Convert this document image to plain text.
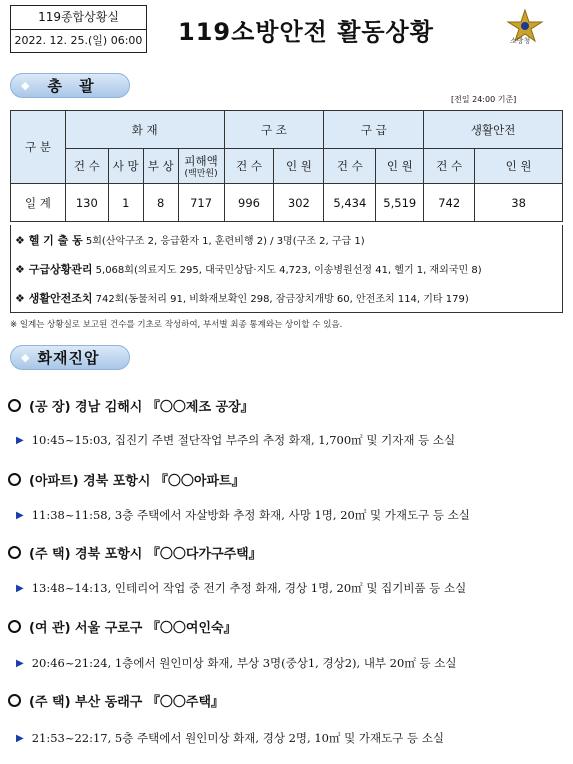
119종합상황실
2022. 12. 25.(일) 06:00 119소방안전 활동상황	소방청
◆ 총 괄
[전일 24:00 기준]
구 분	화 재				구 조		구 급		생활안전	
	건 수	사 망	부 상	피해액
(백만원)	건 수	인 원	건 수	인 원	건 수	인 원
일 계	130	1	8	717	996	302	5,434	5,519	742	38
❖ 헬 기 출 동 5회(산악구조 2, 응급환자 1, 훈련비행 2) / 3명(구조 2, 구급 1)
❖ 구급상황관리 5,068회(의료지도 295, 대국민상담·지도 4,723, 이송병원선정 41, 헬기 1, 재외국민 8)
❖ 생활안전조치 742회(동물처리 91, 비화재보확인 298, 잠금장치개방 60, 안전조치 114, 기타 179)
※ 일계는 상황실로 보고된 건수를 기초로 작성하여, 부서별 최종 통계와는 상이할 수 있음.
◆ 화재진압
(공 장) 경남 김해시 『〇〇제조 공장』
▶ 10:45~15:03, 집진기 주변 절단작업 부주의 추정 화재, 1,700㎡ 및 기자재 등 소실
(아파트) 경북 포항시 『〇〇아파트』
▶ 11:38~11:58, 3층 주택에서 자살방화 추정 화재, 사망 1명, 20㎡ 및 가재도구 등 소실
(주 택) 경북 포항시 『〇〇다가구주택』
▶ 13:48~14:13, 인테리어 작업 중 전기 추정 화재, 경상 1명, 20㎡ 및 집기비품 등 소실
(여 관) 서울 구로구 『〇〇여인숙』
▶ 20:46~21:24, 1층에서 원인미상 화재, 부상 3명(중상1, 경상2), 내부 20㎡ 등 소실
(주 택) 부산 동래구 『〇〇주택』
▶ 21:53~22:17, 5층 주택에서 원인미상 화재, 경상 2명, 10㎡ 및 가재도구 등 소실
